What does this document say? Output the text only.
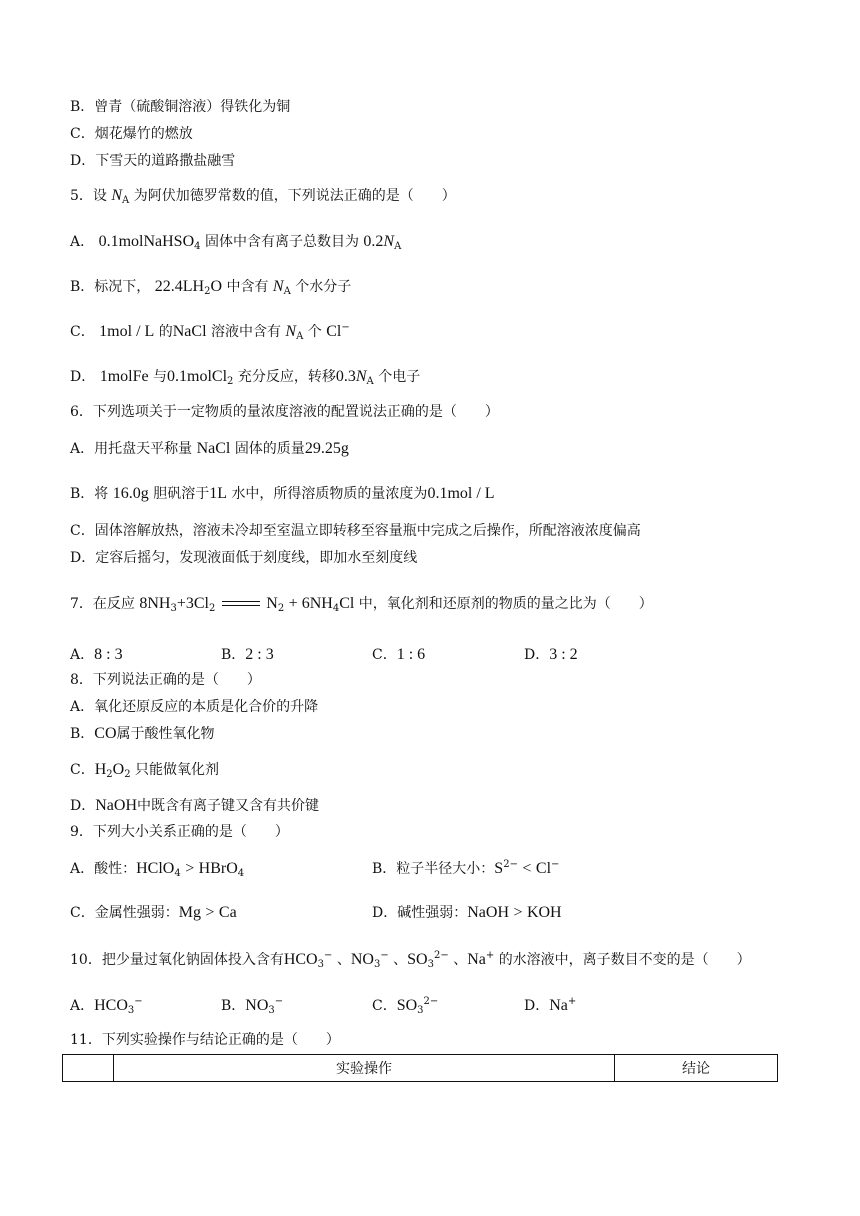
B．曾青（硫酸铜溶液）得铁化为铜
C．烟花爆竹的燃放
D．下雪天的道路撒盐融雪
5．设 $N_A$ 为阿伏加德罗常数的值，下列说法正确的是（　　）
A． 0.1molNaHSO$_4$ 固体中含有离子总数目为 $0.2N_A$
B．标况下， $22.4LH_2O$ 中含有 $N_A$ 个水分子
C． 1mol / L 的NaCl 溶液中含有 $N_A$ 个 Cl−
D． 1molFe 与0.1molCl$_2$ 充分反应，转移$0.3N_A$ 个电子
6．下列选项关于一定物质的量浓度溶液的配置说法正确的是（　　）
A．用托盘天平称量 NaCl 固体的质量29.25g
B．将 16.0g 胆矾溶于1L 水中，所得溶质物质的量浓度为0.1mol / L
C．固体溶解放热，溶液未冷却至室温立即转移至容量瓶中完成之后操作，所配溶液浓度偏高
D．定容后摇匀，发现液面低于刻度线，即加水至刻度线
7．在反应 $8NH_3+3Cl_2$	$N_2 + 6NH_4Cl$ 中，氧化剂和还原剂的物质的量之比为（　　）
A．8 : 3	B．2 : 3	C．1 : 6	D．3 : 2
8．下列说法正确的是（　　）
A．氧化还原反应的本质是化合价的升降
B．CO属于酸性氧化物
C．$H_2O_2$ 只能做氧化剂
D．NaOH中既含有离子键又含有共价键
9．下列大小关系正确的是（　　）
A．酸性：HClO$_4$ > HBrO$_4$	B．粒子半径大小：$S^{2-} < Cl^-$
C．金属性强弱：Mg > Ca	D．碱性强弱：NaOH > KOH
10．把少量过氧化钠固体投入含有$HCO_3^-$ 、$NO_3^-$ 、$SO_3^{2-}$ 、Na+ 的水溶液中，离子数目不变的是（　　）
A．$HCO_3^-$	B．$NO_3^-$	C．$SO_3^{2-}$	D．Na+
11．下列实验操作与结论正确的是（　　）
	实验操作	结论
